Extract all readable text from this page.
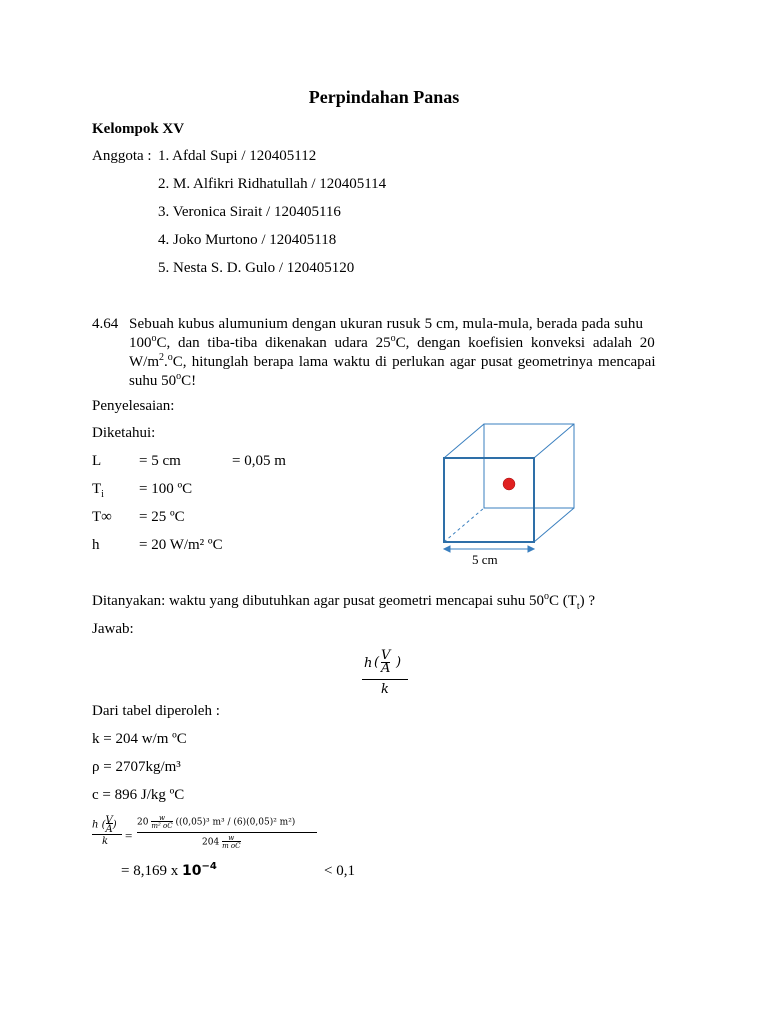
Perpindahan Panas
Kelompok XV
Anggota : 1. Afdal Supi / 120405112
2. M. Alfikri Ridhatullah / 120405114
3. Veronica Sirait / 120405116
4. Joko Murtono / 120405118
5. Nesta S. D. Gulo / 120405120
4.64 Sebuah kubus alumunium dengan ukuran rusuk 5 cm, mula-mula, berada pada suhu
100$^o$C, dan tiba-tiba dikenakan udara 25$^o$C, dengan koefisien konveksi adalah 20
$W/m^2.^oC$, hitunglah berapa lama waktu di perlukan agar pusat geometrinya mencapai
suhu 50$^o$C!
Penyelesaian:
Diketahui:
L	= 5 cm	= 0,05 m
$T_i = 100$ ºC
T∞ = 25 ºC
h	= 20 W/m² ºC
5 cm
Ditanyakan: waktu yang dibutuhkan agar pusat geometri mencapai suhu 50$^o$C $(T_t)$ ?
Jawab:
h ( V
A )
k
Dari tabel diperoleh :
k = 204 w/m ºC
ρ = 2707kg/m³
c = 896 J/kg ºC
h (V
A)
k =
$20 \frac{w}{\text{m² oC}} ((0,05)^3$ m³ / (6)(0,05)² m²)
$204 \frac{w}{\text{m oC}}$
= 8,169 x $10^{-4}$	< 0,1
